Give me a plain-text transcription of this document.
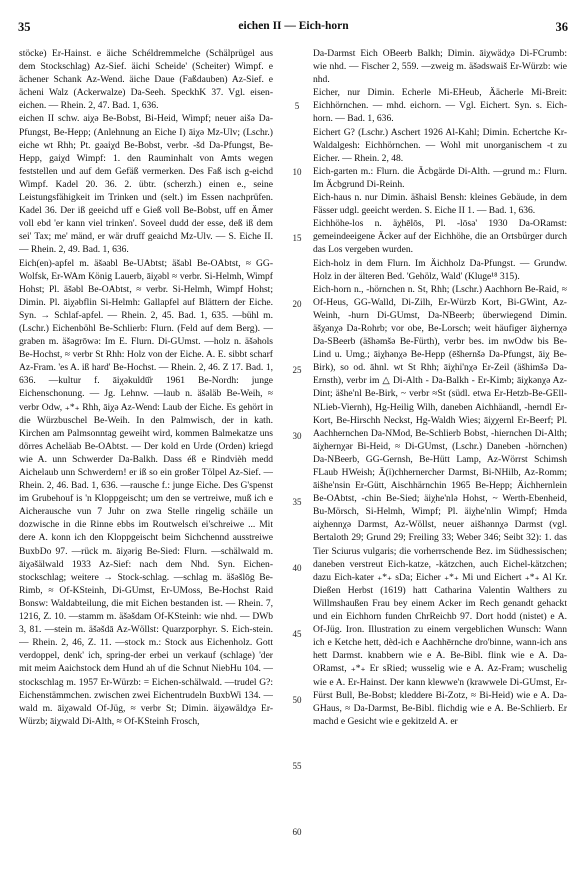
35	eichen II — Eich-horn	36

stöcke) Er-Hainst. e äiche Schéldremmelche (Schälprügel aus dem Stockschlag) Az-Sief. äichi Scheide' (Scheiter) Wimpf. e ächener Schank Az-Wend. äiche Daue (Faßdauben) Az-Sief. e ächeni Walz (Ackerwalze) Da-Seeh. SpeckhK 37. Vgl. eisen-eichen. — Rhein. 2, 47. Bad. 1, 636.

eichen II schw. aiχə Be-Bobst, Bi-Heid, Wimpf; neuer aišə Da-Pfungst, Be-Hepp; (Anlehnung an Eiche I) āiχə Mz-Ulv; (Lschr.) eiche wt Rhh; Pt. gəaiχd Be-Bobst, verbr. -šd Da-Pfungst, Be-Hepp, gaiχd Wimpf: 1. den Rauminhalt von Amts wegen feststellen und auf dem Gefäß vermerken. Des Faß isch g-eichd Wimpf. Kadel 20. 36. 2. übtr. (scherzh.) einen e., seine Leistungsfähigkeit im Trinken und (selt.) im Essen nachprüfen. Kadel 36. Der iß geeichd uff e Gieß voll Be-Bobst, uff en Ämer voll ebd 'er kann viel trinken'. Soveel dudd der esse, deß iß dem sei' Tax; me' mänd, er wär druff geaichd Mz-Ulv. — S. Eiche II. — Rhein. 2, 49. Bad. 1, 636.

Eich(en)-apfel m. äšəabl Be-UAbtst; äšabl Be-OAbtst, ≈ GG-Wolfsk, Er-WAm König Lauerb, āiχəbl ≈ verbr. Si-Helmh, Wimpf Hohst; Pl. äšəbl Be-OAbtst, ≈ verbr. Si-Helmh, Wimpf Hohst; Dimin. Pl. āiχəbflin Si-Helmh: Gallapfel auf Blättern der Eiche. Syn. → Schlaf-apfel. — Rhein. 2, 45. Bad. 1, 635. —bühl m. (Lschr.) Eichenböhl Be-Schlierb: Flurn. (Feld auf dem Berg). —graben m. äšəgrōwə: Im E. Flurn. Di-GUmst. —holz n. äšəhols Be-Hochst, ≈ verbr St Rhh: Holz von der Eiche. A. E. sibbt scharf Az-Fram. 'es A. iß hard' Be-Hochst. — Rhein. 2, 46. Z 17. Bad. 1, 636. —kultur f. āiχəkuldū̆r 1961 Be-Nordh: junge Eichenschonung. — Jg. Lehnw. —laub n. äšəläb Be-Weih, ≈ verbr Odw, ₊*₊ Rhh, āiχə Az-Wend: Laub der Eiche. Es gehört in die Würzbuschel Be-Weih. In den Palmwisch, der in kath. Kirchen am Palmsonntag geweiht wird, kommen Balmekatze uns dörres Acheläab Be-OAbtst. — Der kold en Urde (Orden) kriegd wie A. unn Schwerder Da-Balkh. Dass éß e Rindvièh medd Aichelaub unn Schwerdern! er iß so ein großer Tölpel Az-Sief. — Rhein. 2, 46. Bad. 1, 636. —rausche f.: junge Eiche. Des G'spenst im Grubehouf is 'n Kloppgeischt; um den se vertreiwe, muß ich e Aicherausche vun 7 Juhr on zwa Stelle ringelig schäile un dozwische in die Rinne ebbs im Routwelsch ei'schreiwe ... Mit dere A. konn ich den Kloppgeischt beim Sichchennd ausstreiwe BuxbDo 97. —rück m. āiχərig Be-Sied: Flurn. —schälwald m. āiχəšälwald 1933 Az-Sief: nach dem Nhd. Syn. Eichen-stockschlag; weitere → Stock-schlag. —schlag m. äšəšlōg Be-Rimb, ≈ Of-KSteinh, Di-GUmst, Er-UMoss, Be-Hochst Raid Bonsw: Waldabteilung, die mit Eichen bestanden ist. — Rhein. 7, 1216, Z. 10. —stamm m. äšəšdam Of-KSteinh: wie nhd. — DWb 3, 81. —stein m. äšəšdā Az-Wöllst: Quarzporphyr. S. Eich-stein. — Rhein. 2, 46, Z. 11. —stock m.: Stock aus Eichenholz. Gott verdoppel, denk' ich, spring-der erbei un verkauf (schlage) 'der mit meim Aaichstock dem Hund ah uf die Schnut NiebHu 104. —stockschlag m. 1957 Er-Würzb: = Eichen-schälwald. —trudel G?: Eichenstämmchen. zwischen zwei Eichentrudeln BuxbWi 134. —wald m. āiχəwald Of-Jüg, ≈ verbr St; Dimin. äiχəwäldχə Er-Würzb; āiχwald Di-Alth, ≈ Of-KSteinh Frosch,

5
10
15
20
25
30
35
40
45
50
55
60

Da-Darmst Eich OBeerb Balkh; Dimin. āiχwädχə Di-FCrumb: wie nhd. — Fischer 2, 559. —zweig m. äšədswaiš Er-Würzb: wie nhd.

Eicher, nur Dimin. Echerle Mi-EHeub, Äächerle Mi-Breit: Eichhörnchen. — mhd. eichorn. — Vgl. Eichert. Syn. s. Eich-horn. — Bad. 1, 636.

Eichert G? (Lschr.) Aschert 1926 Al-Kahl; Dimin. Echertche Kr-Waldalgesh: Eichhörnchen. — Wohl mit unorganischem -t zu Eicher. — Rhein. 2, 48.

Eich-garten m.: Flurn. die Äcbgärde Di-Alth. —grund m.: Flurn. Im Äcbgrund Di-Reinh.

Eich-haus n. nur Dimin. äšhaisl Bensh: kleines Gebäude, in dem Fässer udgl. geeicht werden. S. Eiche II 1. — Bad. 1, 636.

Eichhöhe-los n. äχhēlōs, Pl. -lōsə' 1930 Da-ORamst: gemeindeeigene Äcker auf der Eichhöhe, die an Ortsbürger durch das Los vergeben wurden.

Eich-holz in dem Flurn. Im Äichholz Da-Pfungst. — Grundw. Holz in der älteren Bed. 'Gehölz, Wald' (Kluge¹⁸ 315).

Eich-horn n., -hörnchen n. St, Rhh; (Lschr.) Aachhorn Be-Raid, ≈ Of-Heus, GG-Walld, Di-Zilh, Er-Würzb Kort, Bi-GWint, Az-Weinh, -hurn Di-GUmst, Da-NBeerb; überwiegend Dimin. äšχənχə Da-Rohrb; vor obe, Be-Lorsch; weit häufiger āiχhernχə Da-SBeerb (äšhəmšə Be-Fürth), verbr bes. im nwOdw bis Be-Lind u. Umg.; āiχhənχə Be-Hepp (ēšhernšə Da-Pfungst, āiχ Be-Birk), so od. āhnl. wt St Rhh; āiχhi'nχə Er-Zeil (äšhimšə Da-Ernsth), verbr im △ Di-Alth - Da-Balkh - Er-Kimb; āiχkənχə Az-Dint; äšhe'nl Be-Birk, ~ verbr ≈St (südl. etwa Er-Hetzb-Be-GEll-NLieb-Viernh), Hg-Heilig Wilh, daneben Aichhäandl, -herndl Er-Kort, Be-Hirschh Neckst, Hg-Waldh Wies; āiχχernl Er-Beerf; Pl. Aachhernchen Da-NMod, Be-Schlierb Bobst, -hiernchen Di-Alth; āiχhernχər Bi-Heid, ≈ Di-GUmst, (Lschr.) Daneben -hörnchen) Da-NBeerb, GG-Gernsh, Be-Hütt Lamp, Az-Wörrst Schimsh FLaub HWeish; Ä(i)chhernercher Darmst, Bi-NHilb, Az-Romm; āišhe'nsin Er-Gütt, Aischhärnchin 1965 Be-Hepp; Äichhernlein Be-OAbtst, -chin Be-Sied; äiχhe'nlə Hohst, ~ Werth-Ebenheid, Bu-Mörsch, Si-Helmh, Wimpf; Pl. äiχhe'nlin Wimpf; Hmda aiχhennχə Darmst, Az-Wöllst, neuer aišhənnχə Darmst (vgl. Bertaloth 29; Grund 29; Freiling 33; Weber 346; Seibt 32): 1. das Tier Sciurus vulgaris; die vorherrschende Bez. im Südhessischen; daneben verstreut Eich-katze, -kätzchen, auch Eichel-kätzchen; dazu Eich-kater ₊*₊ sDa; Eicher ₊*₊ Mi und Eichert ₊*₊ Al Kr. Dießen Herbst (1619) hatt Catharina Valentin Walthers zu Willmshaußen Frau bey einem Acker im Rech genandt gehackt und ein Eichhorn funden ChrReichb 97. Dort hodd (nistet) e A. Of-Jüg. Iron. Illustration zu einem vergeblichen Wunsch: Wann ich e Ketche hett, dèd-ich e Aachhērnche dro'binne, wann-ich ans hett Darmst. knabbern wie e A. Be-Bibl. flink wie e A. Da-ORamst, ₊*₊ Er sRied; wusselig wie e A. Az-Fram; wuschelig wie e A. Er-Hainst. Der kann klewwe'n (krawwele Di-GUmst, Er-Fürst Bull, Be-Bobst; kleddere Bi-Zotz, ≈ Bi-Heid) wie e A. Da-GHaus, ≈ Da-Darmst, Be-Bibl. flichdig wie e A. Be-Schlierb. Er machd e Gesicht wie e gekitzeld A. er
